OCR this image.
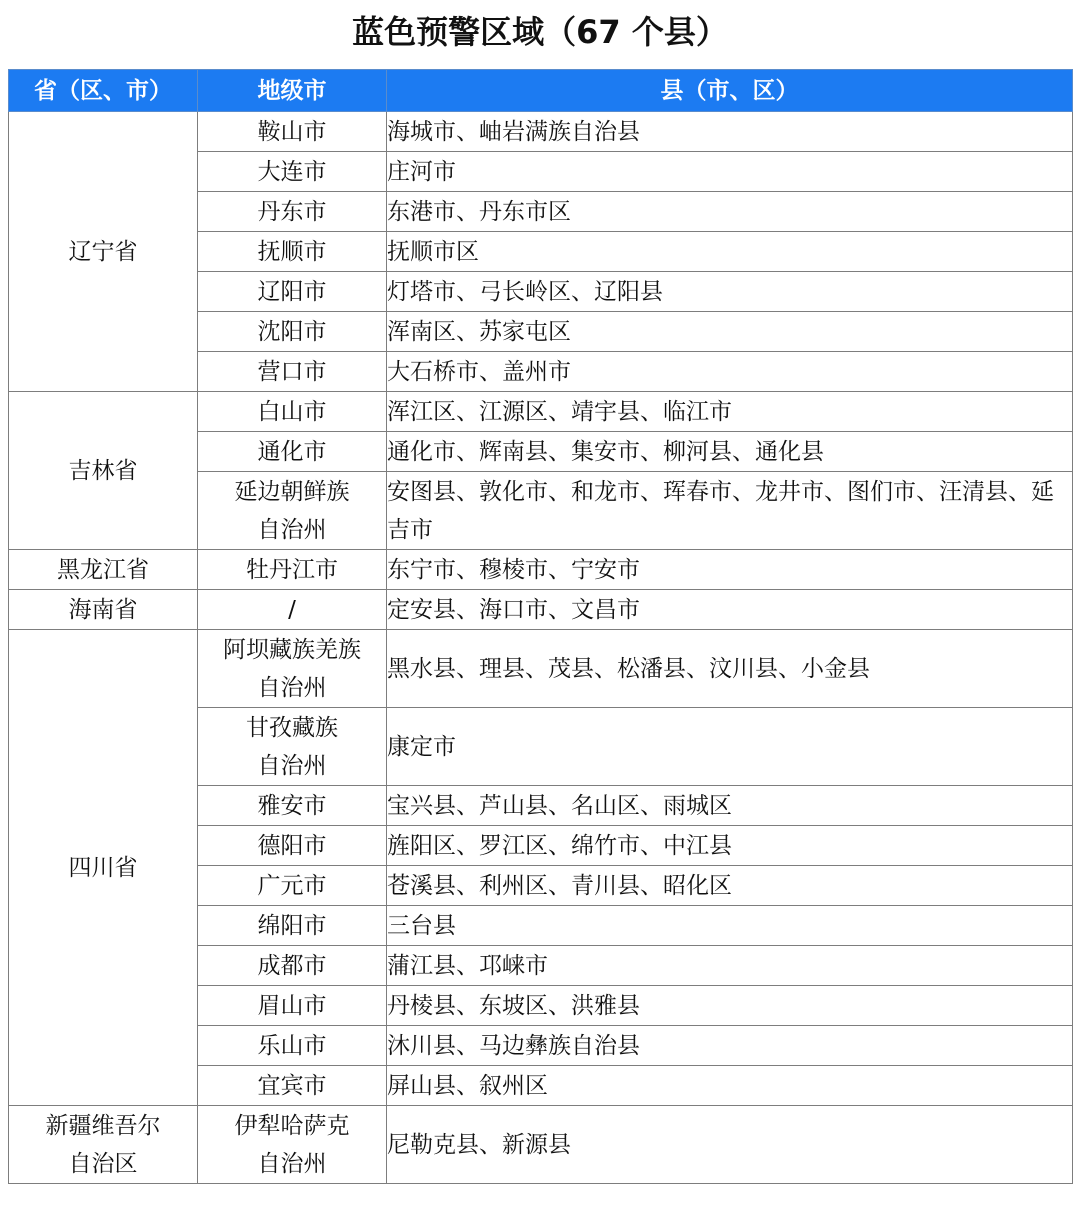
蓝色预警区域（67 个县）
省（区、市）	地级市	县（市、区）
辽宁省	鞍山市	海城市、岫岩满族自治县
	大连市	庄河市
	丹东市	东港市、丹东市区
	抚顺市	抚顺市区
	辽阳市	灯塔市、弓长岭区、辽阳县
	沈阳市	浑南区、苏家屯区
	营口市	大石桥市、盖州市
吉林省	白山市	浑江区、江源区、靖宇县、临江市
	通化市	通化市、辉南县、集安市、柳河县、通化县
	延边朝鲜族自治州	安图县、敦化市、和龙市、珲春市、龙井市、图们市、汪清县、延吉市
黑龙江省	牡丹江市	东宁市、穆棱市、宁安市
海南省	/	定安县、海口市、文昌市
四川省	阿坝藏族羌族自治州	黑水县、理县、茂县、松潘县、汶川县、小金县
	甘孜藏族自治州	康定市
	雅安市	宝兴县、芦山县、名山区、雨城区
	德阳市	旌阳区、罗江区、绵竹市、中江县
	广元市	苍溪县、利州区、青川县、昭化区
	绵阳市	三台县
	成都市	蒲江县、邛崃市
	眉山市	丹棱县、东坡区、洪雅县
	乐山市	沐川县、马边彝族自治县
	宜宾市	屏山县、叙州区
新疆维吾尔自治区	伊犁哈萨克自治州	尼勒克县、新源县
